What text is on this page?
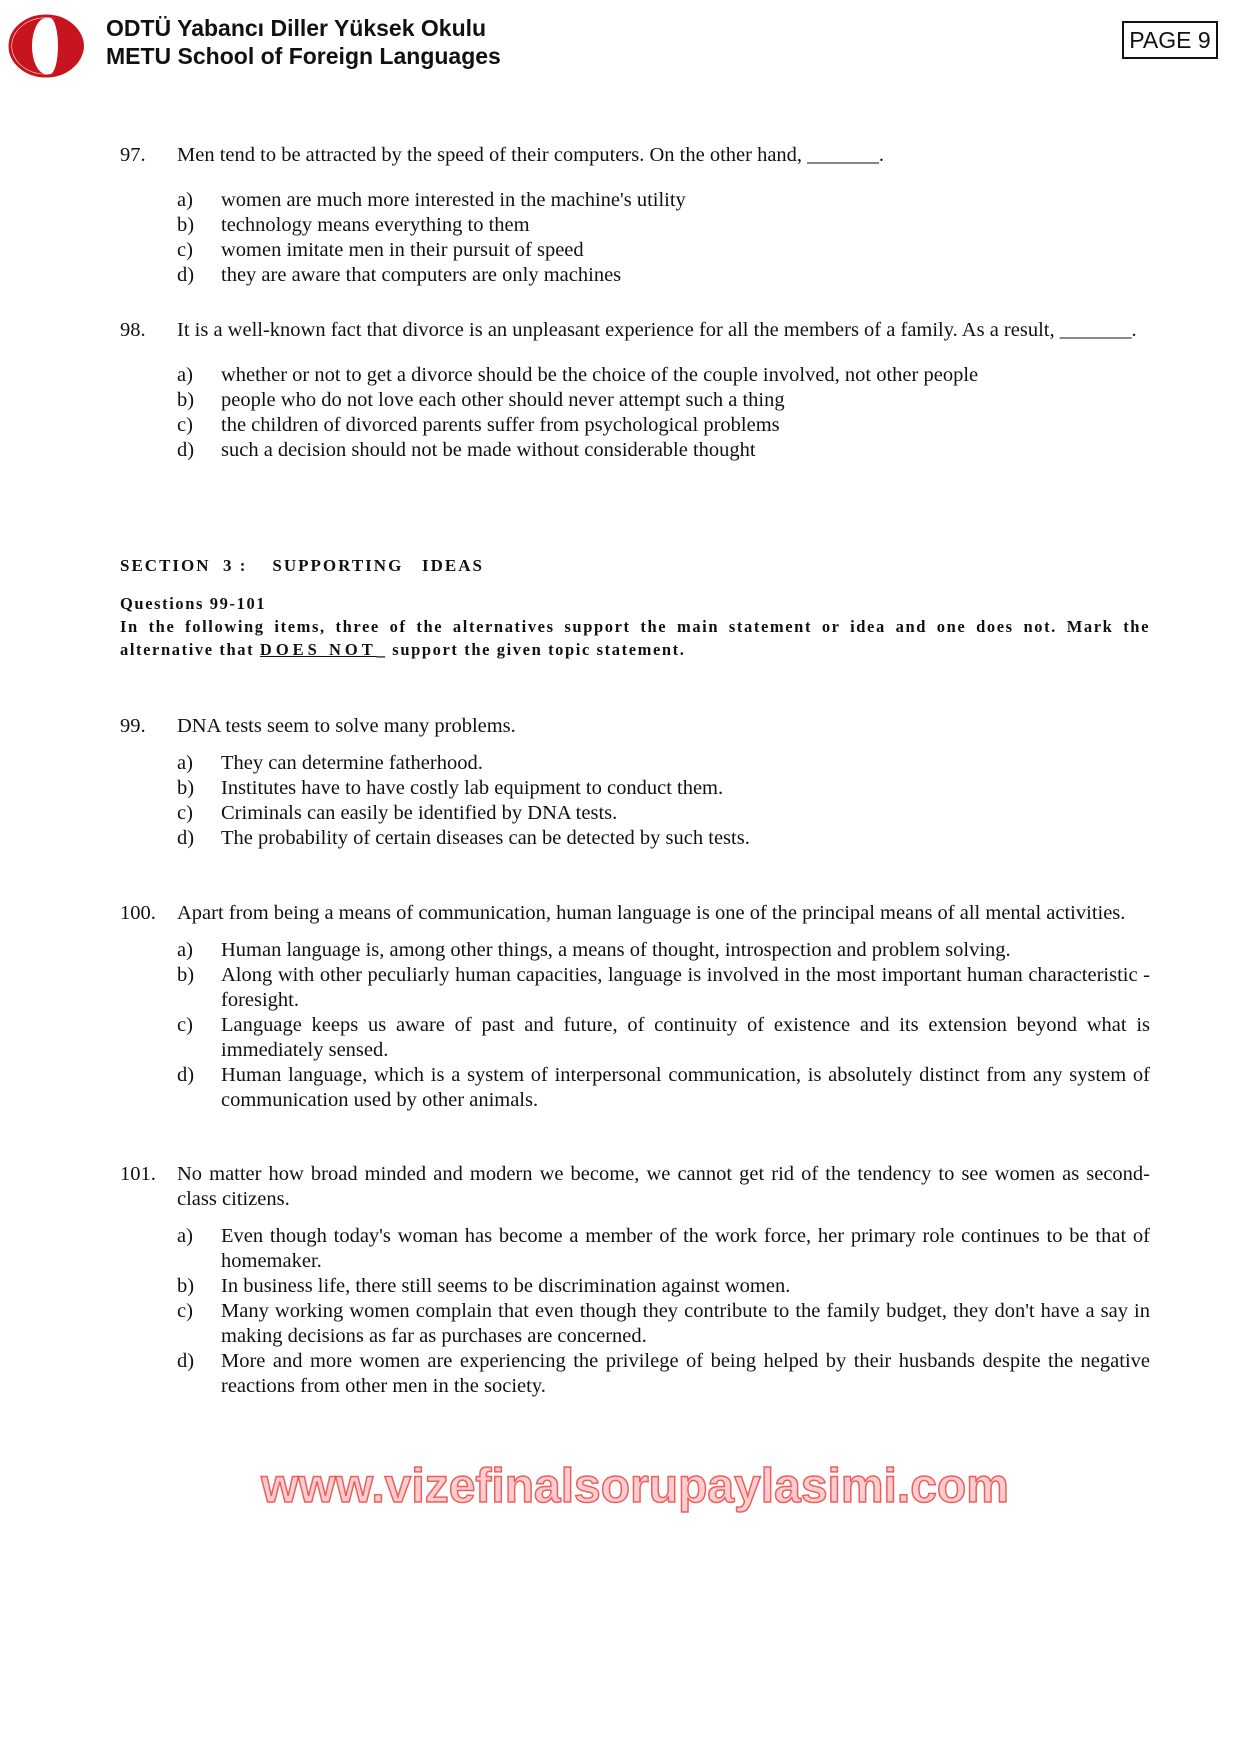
ODTÜ Yabancı Diller Yüksek Okulu
METU School of Foreign Languages
PAGE 9
97.	Men tend to be attracted by the speed of their computers. On the other hand, _______.
a)	women are much more interested in the machine's utility
b)	technology means everything to them
c)	women imitate men in their pursuit of speed
d)	they are aware that computers are only machines
98.	It is a well-known fact that divorce is an unpleasant experience for all the members of a family. As a result, _______.
a)	whether or not to get a divorce should be the choice of the couple involved, not other people
b)	people who do not love each other should never attempt such a thing
c)	the children of divorced parents suffer from psychological problems
d)	such a decision should not be made without considerable thought
SECTION  3 :    SUPPORTING   IDEAS
Questions 99-101
In the following items, three of the alternatives support the main statement or idea and one does not. Mark the alternative that DOES NOT_ support the given topic statement.
99.	DNA tests seem to solve many problems.
a)	They can determine fatherhood.
b)	Institutes have to have costly lab equipment to conduct them.
c)	Criminals can easily be identified by DNA tests.
d)	The probability of certain diseases can be detected by such tests.
100.	Apart from being a means of communication, human language is one of the principal means of all mental activities.
a)	Human language is, among other things, a means of thought, introspection and problem solving.
b)	Along with other peculiarly human capacities, language is involved in the most important human characteristic - foresight.
c)	Language keeps us aware of past and future, of continuity of existence and its extension beyond what is immediately sensed.
d)	Human language, which is a system of interpersonal communication, is absolutely distinct from any system of communication used by other animals.
101.	No matter how broad minded and modern we become, we cannot get rid of the tendency to see women as second-class citizens.
a)	Even though today's woman has become a member of the work force, her primary role continues to be that of homemaker.
b)	In business life, there still seems to be discrimination against women.
c)	Many working women complain that even though they contribute to the family budget, they don't have a say in making decisions as far as purchases are concerned.
d)	More and more women are experiencing the privilege of being helped by their husbands despite the negative reactions from other men in the society.
www.vizefinalsorupaylasimi.com
